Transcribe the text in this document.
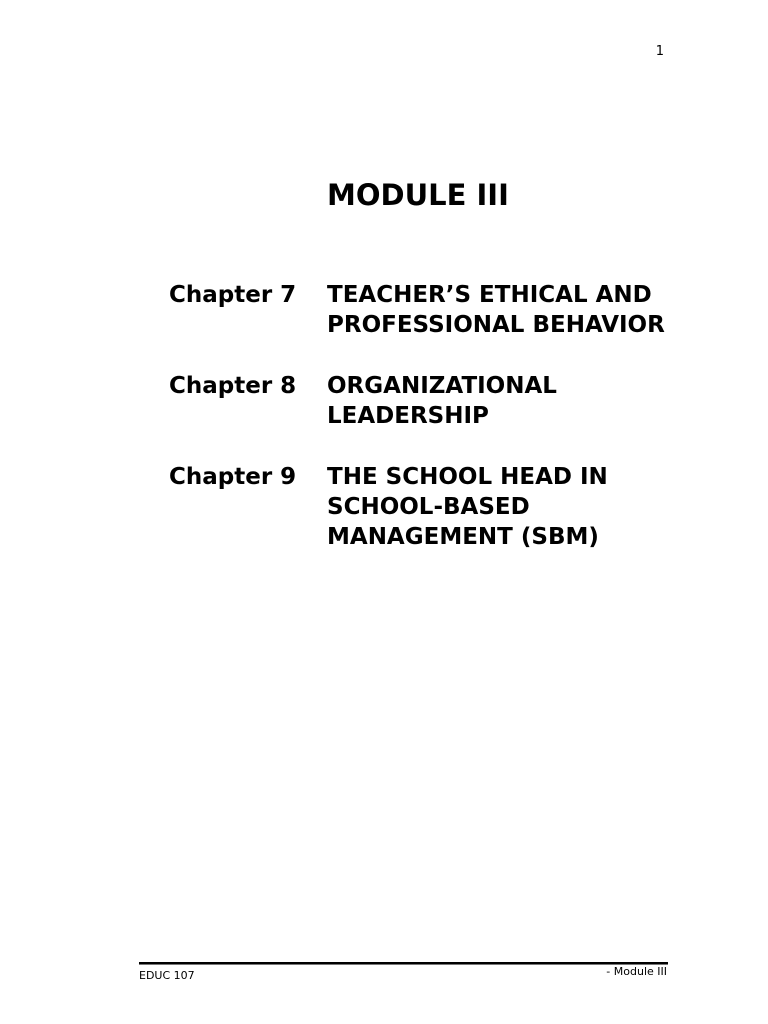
1
MODULE III
Chapter 7	TEACHER’S ETHICAL AND PROFESSIONAL BEHAVIOR
Chapter 8	ORGANIZATIONAL LEADERSHIP
Chapter 9	THE SCHOOL HEAD IN SCHOOL-BASED MANAGEMENT (SBM)
EDUC 107	- Module III
